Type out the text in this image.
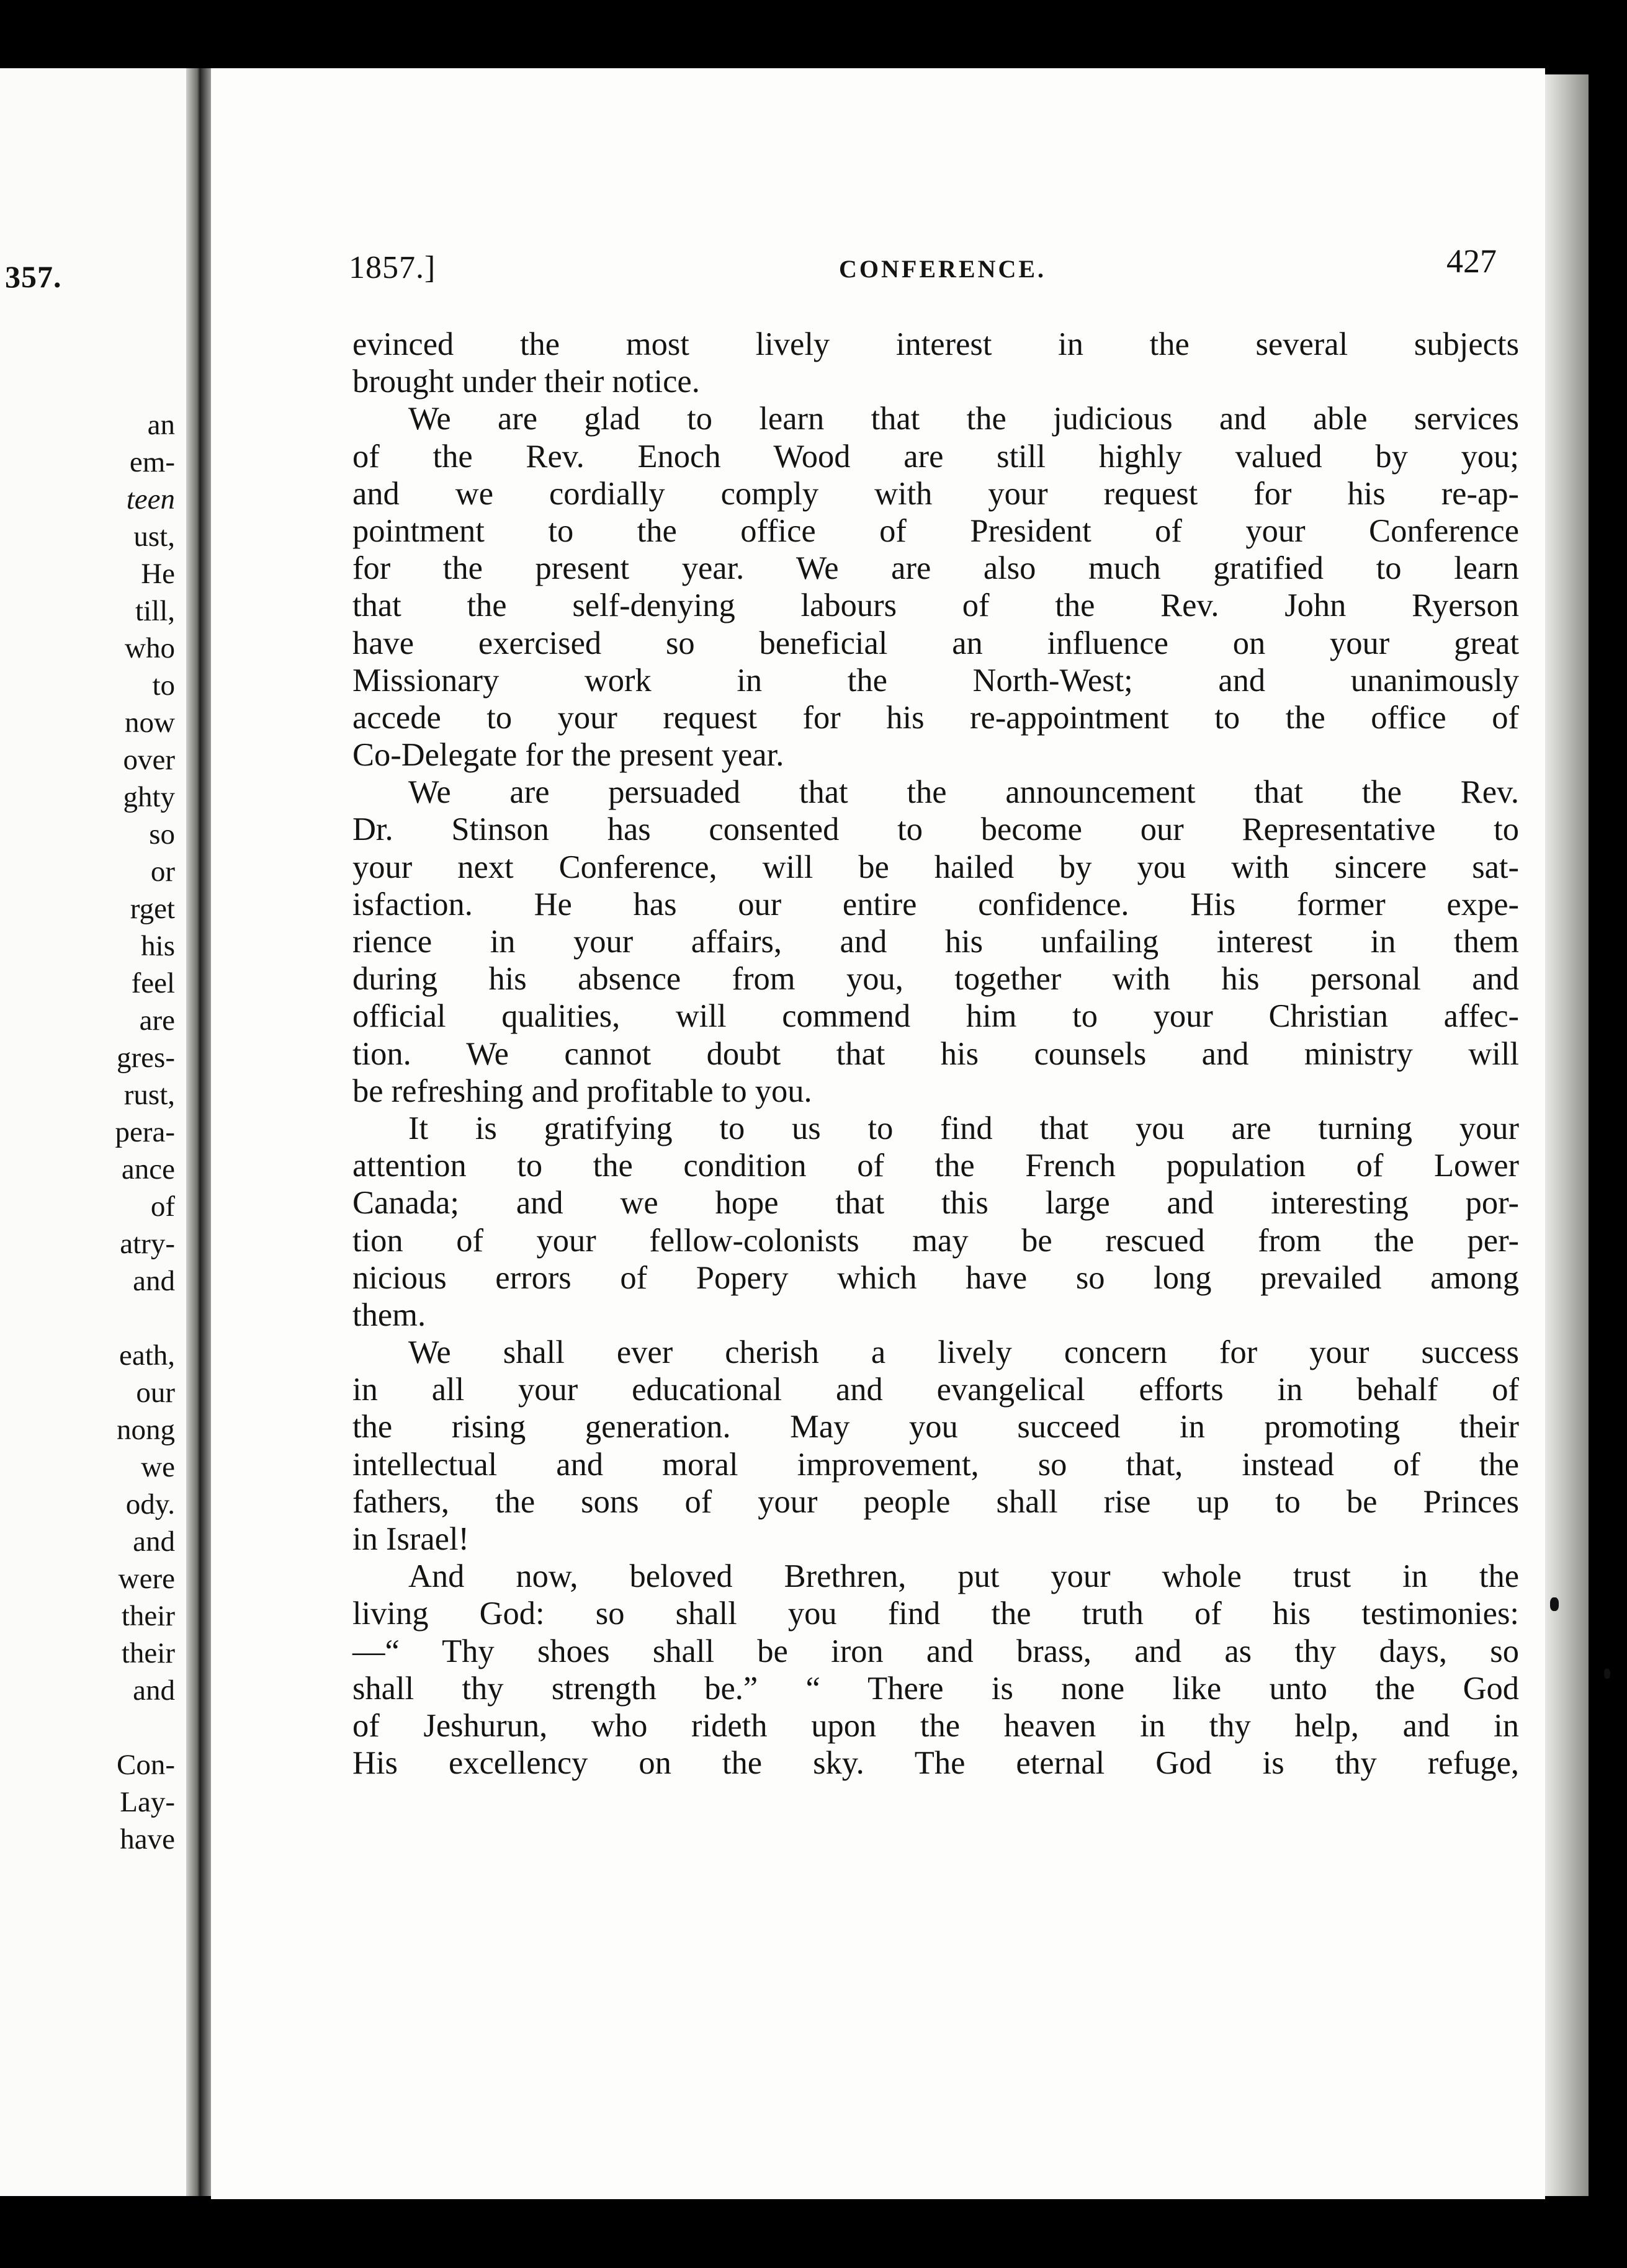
357.
an
em-
teen
ust,
He
till,
who
to
now
over
ghty
so
or
rget
his
feel
are
gres-
rust,
pera-
ance
of
atry-
and
eath,
our
nong
we
ody.
and
were
their
their
and
Con-
Lay-
have
1857.]	CONFERENCE.	427
evinced the most lively interest in the several subjects
brought under their notice.
We are glad to learn that the judicious and able services
of the Rev. Enoch Wood are still highly valued by you;
and we cordially comply with your request for his re-ap-
pointment to the office of President of your Conference
for the present year. We are also much gratified to learn
that the self-denying labours of the Rev. John Ryerson
have exercised so beneficial an influence on your great
Missionary work in the North-West; and unanimously
accede to your request for his re-appointment to the office of
Co-Delegate for the present year.
We are persuaded that the announcement that the Rev.
Dr. Stinson has consented to become our Representative to
your next Conference, will be hailed by you with sincere sat-
isfaction. He has our entire confidence. His former expe-
rience in your affairs, and his unfailing interest in them
during his absence from you, together with his personal and
official qualities, will commend him to your Christian affec-
tion. We cannot doubt that his counsels and ministry will
be refreshing and profitable to you.
It is gratifying to us to find that you are turning your
attention to the condition of the French population of Lower
Canada; and we hope that this large and interesting por-
tion of your fellow-colonists may be rescued from the per-
nicious errors of Popery which have so long prevailed among
them.
We shall ever cherish a lively concern for your success
in all your educational and evangelical efforts in behalf of
the rising generation. May you succeed in promoting their
intellectual and moral improvement, so that, instead of the
fathers, the sons of your people shall rise up to be Princes
in Israel!
And now, beloved Brethren, put your whole trust in the
living God: so shall you find the truth of his testimonies:
—“ Thy shoes shall be iron and brass, and as thy days, so
shall thy strength be.” “ There is none like unto the God
of Jeshurun, who rideth upon the heaven in thy help, and in
His excellency on the sky. The eternal God is thy refuge,
